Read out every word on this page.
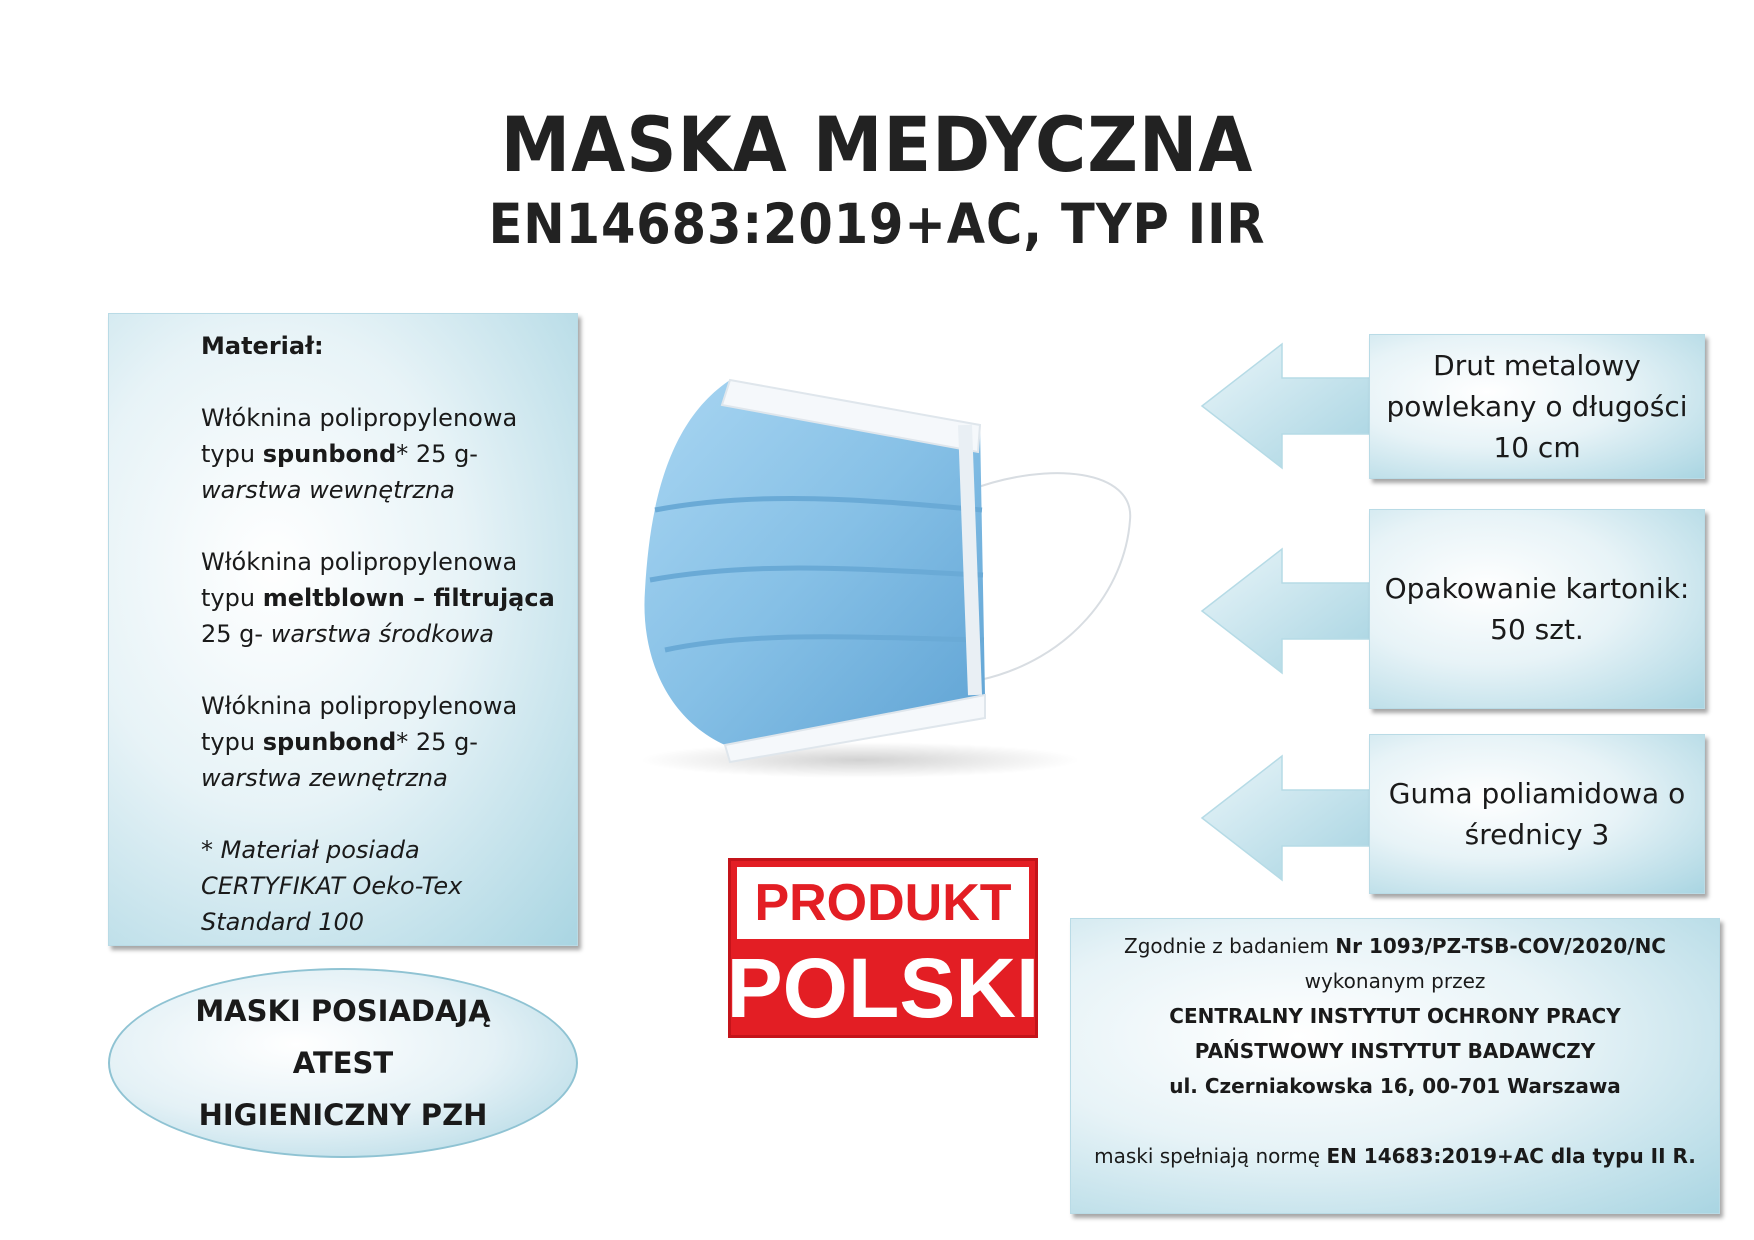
MASKA MEDYCZNA
EN14683:2019+AC, TYP IIR

Materiał:

Włóknina polipropylenowa typu spunbond* 25 g-
warstwa wewnętrzna

Włóknina polipropylenowa typu meltblown – filtrująca
25 g- warstwa środkowa

Włóknina polipropylenowa typu spunbond* 25 g-
warstwa zewnętrzna

* Materiał posiada CERTYFIKAT Oeko-Tex Standard 100

Drut metalowy powlekany o długości 10 cm
Opakowanie kartonik: 50 szt.
Guma poliamidowa o średnicy 3
PRODUKT
POLSKI
MASKI POSIADAJĄ
ATEST
HIGIENICZNY PZH
Zgodnie z badaniem Nr 1093/PZ-TSB-COV/2020/NC
wykonanym przez
CENTRALNY INSTYTUT OCHRONY PRACY
PAŃSTWOWY INSTYTUT BADAWCZY
ul. Czerniakowska 16, 00-701 Warszawa
maski spełniają normę EN 14683:2019+AC dla typu II R.
